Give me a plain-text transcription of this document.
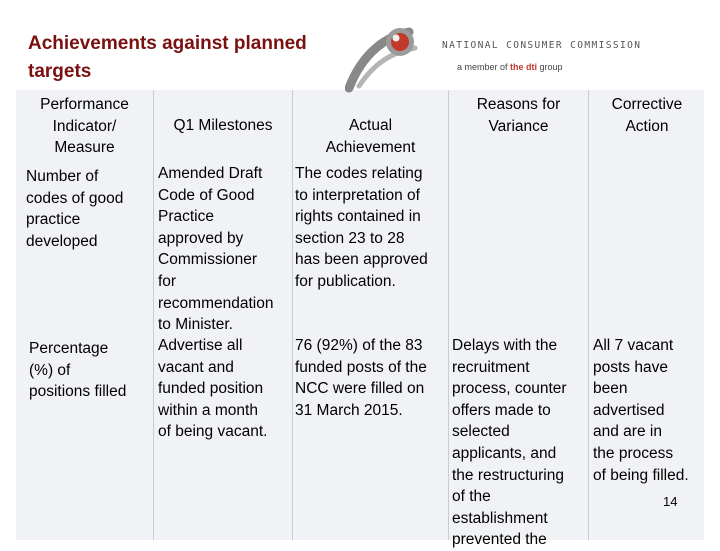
Achievements against planned
targets
NATIONAL CONSUMER COMMISSION
a member of the dti group
Performance
Indicator/
Measure
Q1 Milestones	Actual
Achievement
Reasons for
Variance
Corrective
Action
Number of
codes of good
practice
developed
Amended Draft
Code of Good
Practice
approved by
Commissioner
for
recommendation
to Minister.
The codes relating
to interpretation of
rights contained in
section 23 to 28
has been approved
for publication.
Percentage
(%) of
positions filled
Advertise all
vacant and
funded position
within a month
of being vacant.
76 (92%) of the 83
funded posts of the
NCC were filled on
31 March 2015.
Delays with the
recruitment
process, counter
offers made to
selected
applicants, and
the restructuring
of the
establishment
prevented the
All 7 vacant
posts have
been
advertised
and are in
the process
of being filled.
14
